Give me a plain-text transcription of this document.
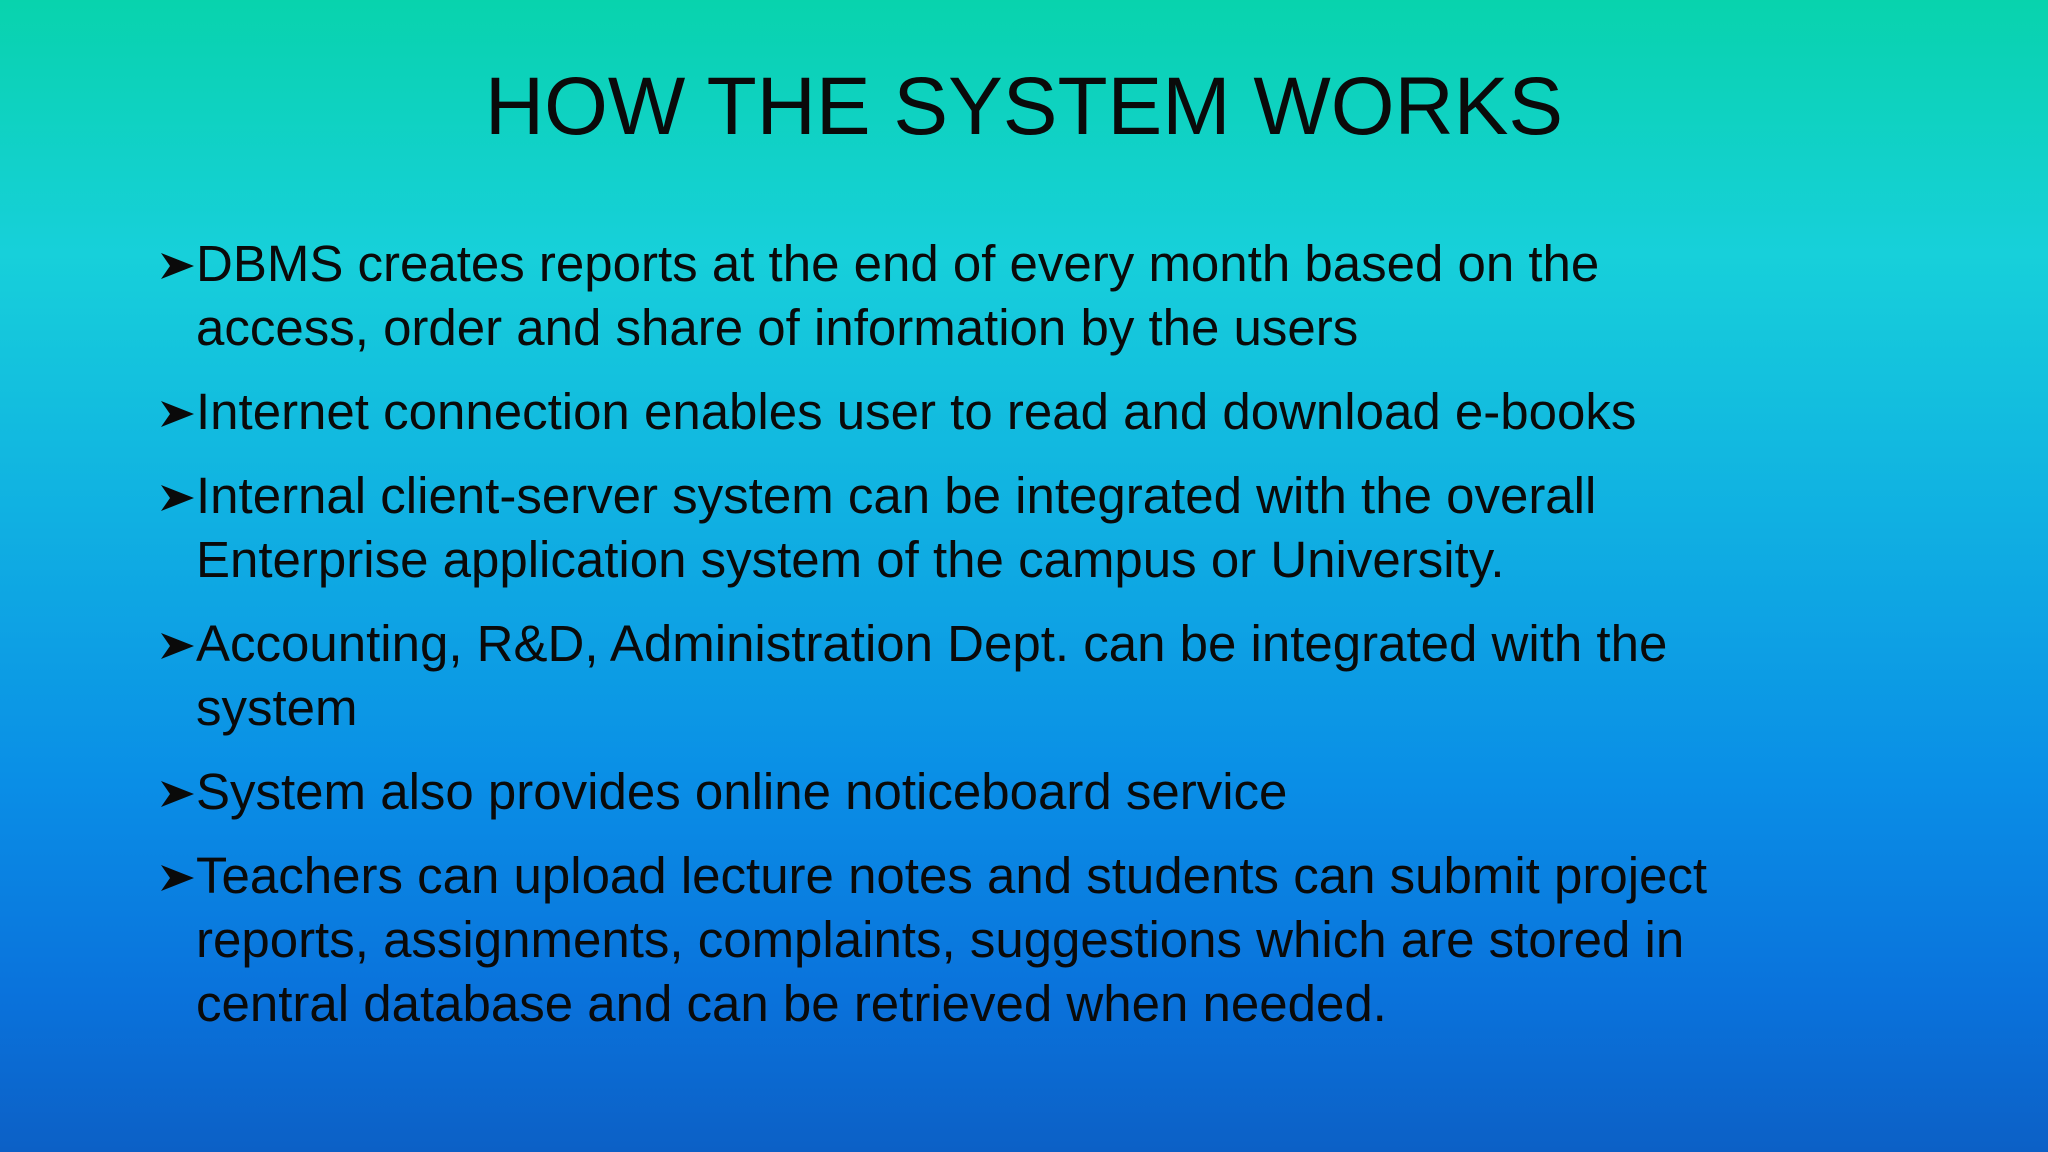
HOW THE SYSTEM WORKS
DBMS creates reports at the end of every month based on the
access, order and share of information by the users
Internet connection enables user to read and download e-books
Internal client-server system can be integrated with the overall
Enterprise application system of the campus or University.
Accounting, R&D, Administration Dept. can be integrated with the
system
System also provides online noticeboard service
Teachers can upload lecture notes and students can submit project
reports, assignments, complaints, suggestions which are stored in
central database and can be retrieved when needed.
